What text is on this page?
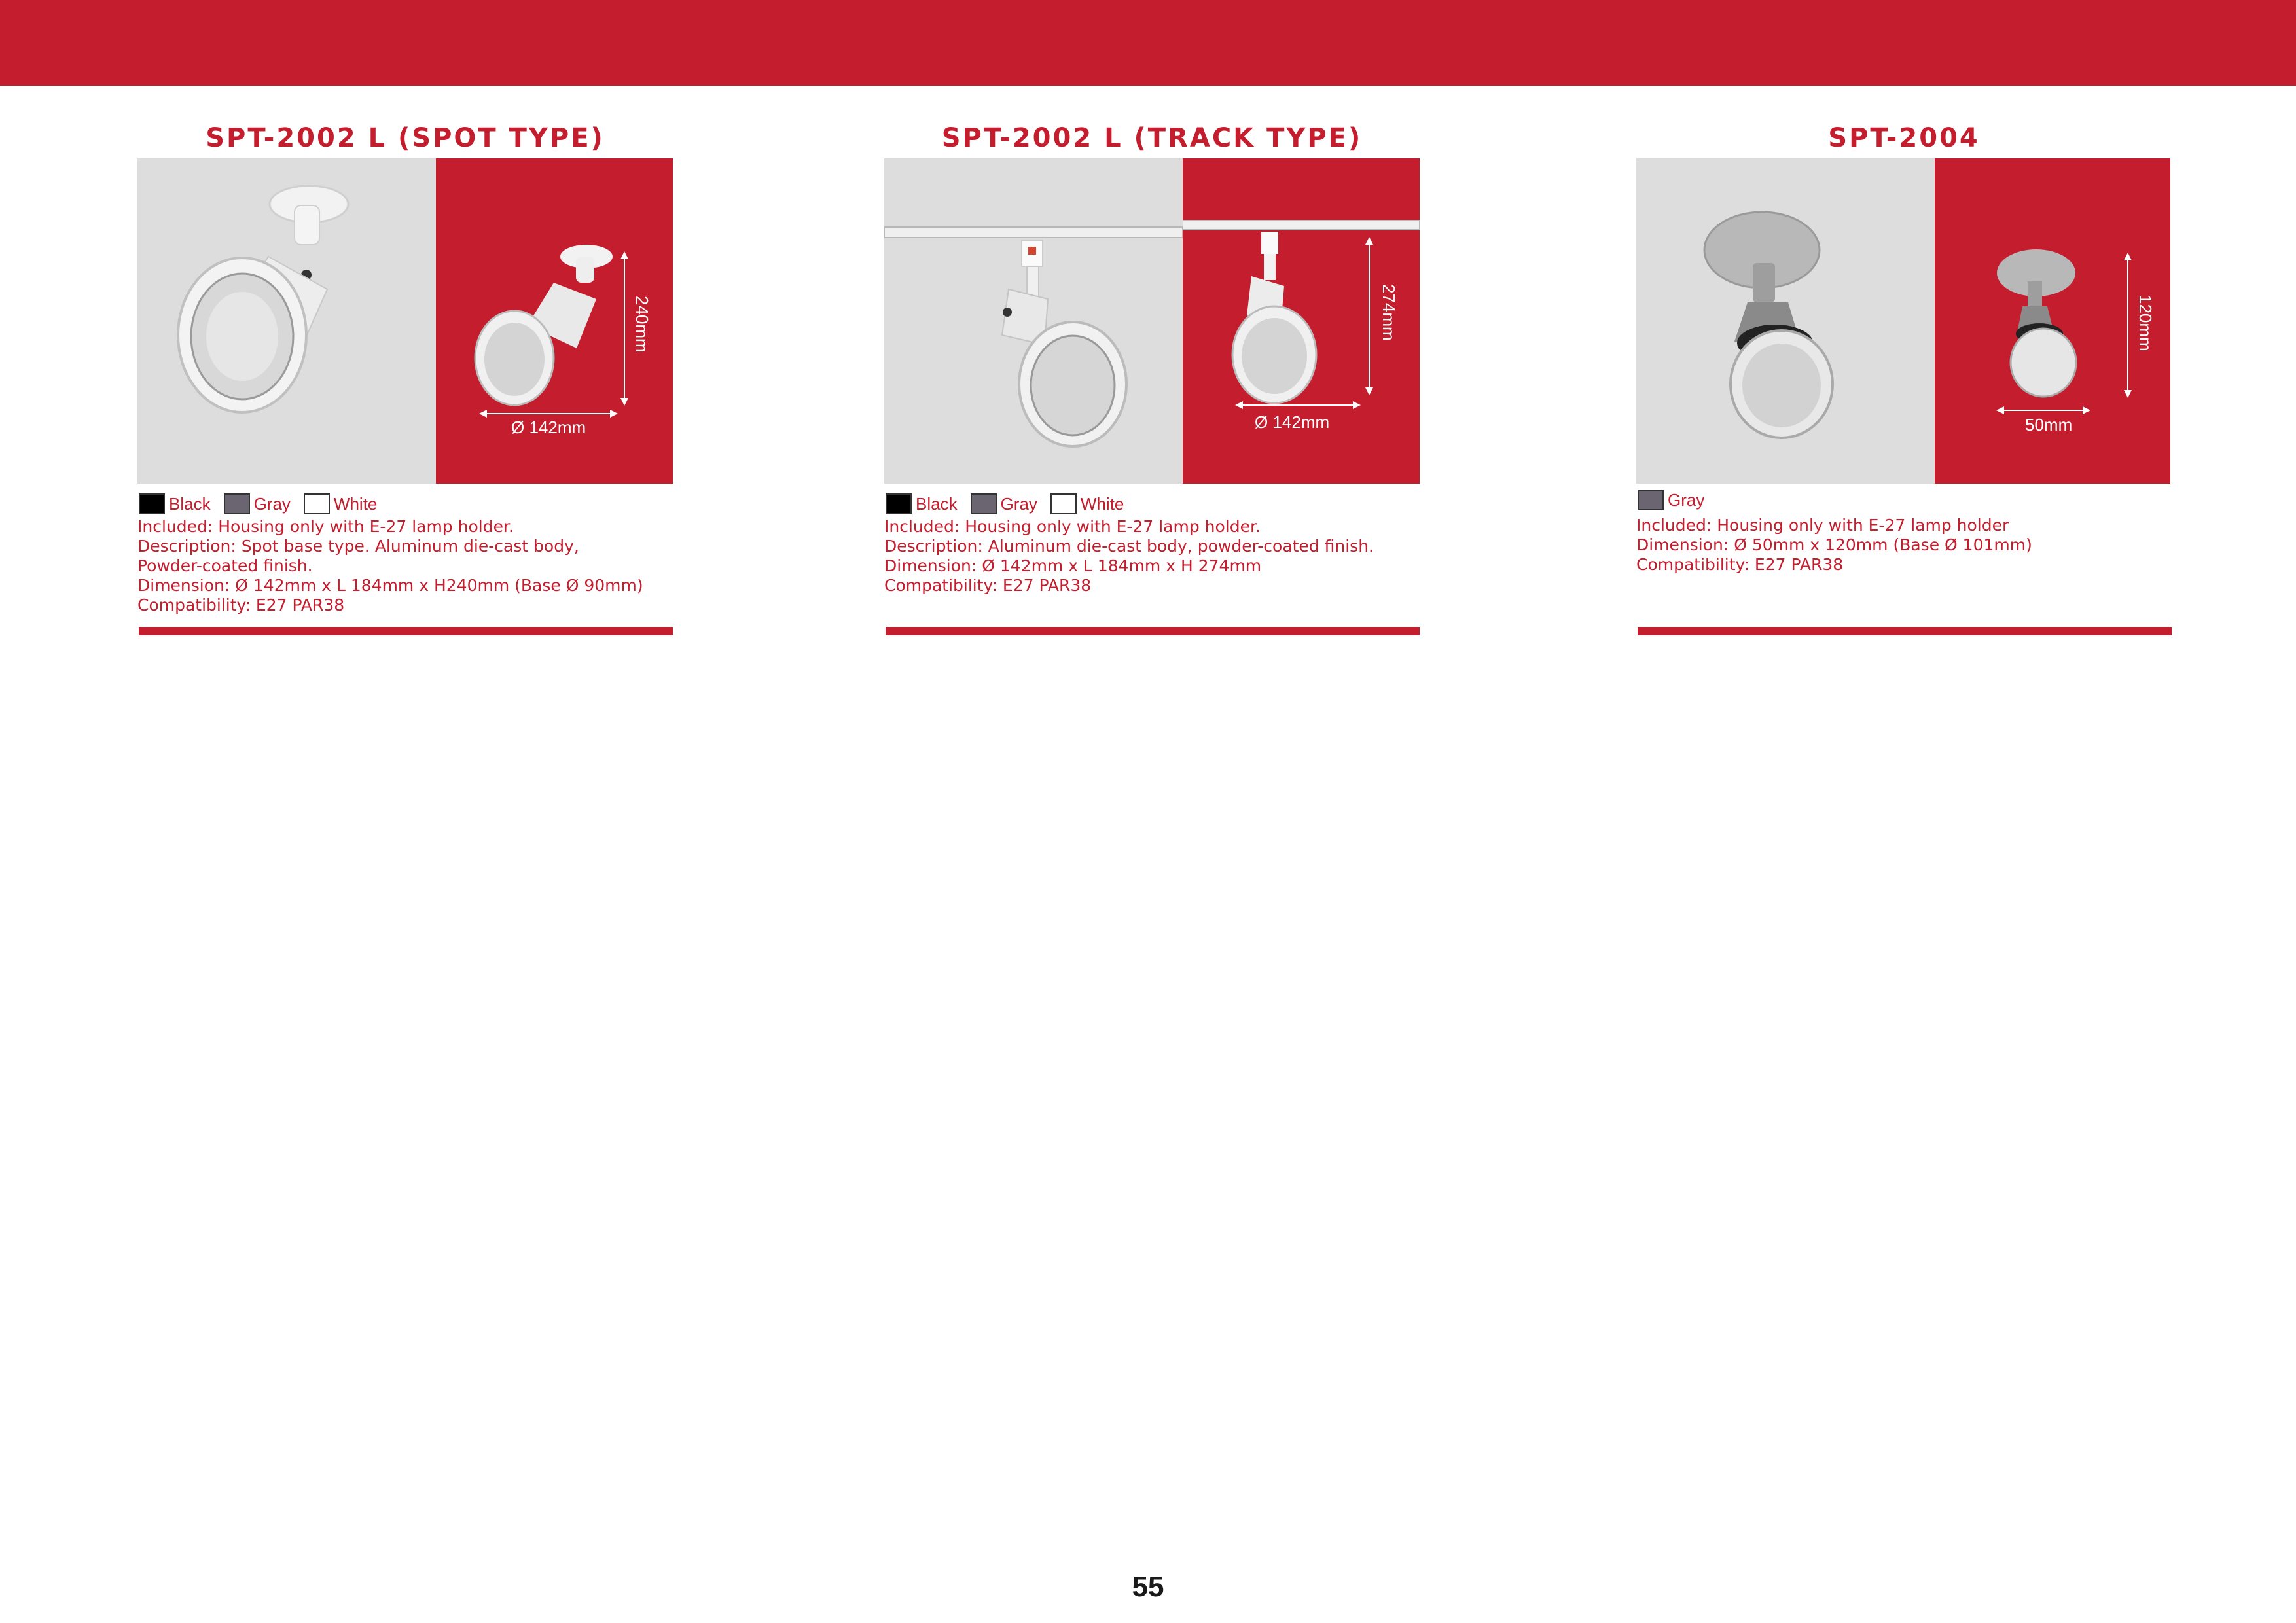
SPT-2002 L (SPOT TYPE)
Ø 142mm
240mm
Black	Gray	White
Included: Housing only with E-27 lamp holder.
Description: Spot base type. Aluminum die-cast body,
Powder-coated finish.
Dimension: Ø 142mm x L 184mm x H240mm (Base Ø 90mm)
Compatibility: E27 PAR38
SPT-2002 L (TRACK TYPE)
Ø 142mm
274mm
Black	Gray	White
Included: Housing only with E-27 lamp holder.
Description: Aluminum die-cast body, powder-coated finish.
Dimension: Ø 142mm x L 184mm x H 274mm
Compatibility: E27 PAR38
SPT-2004
50mm
120mm
Gray
Included: Housing only with E-27 lamp holder
Dimension: Ø 50mm x 120mm (Base Ø 101mm)
Compatibility: E27 PAR38
55
